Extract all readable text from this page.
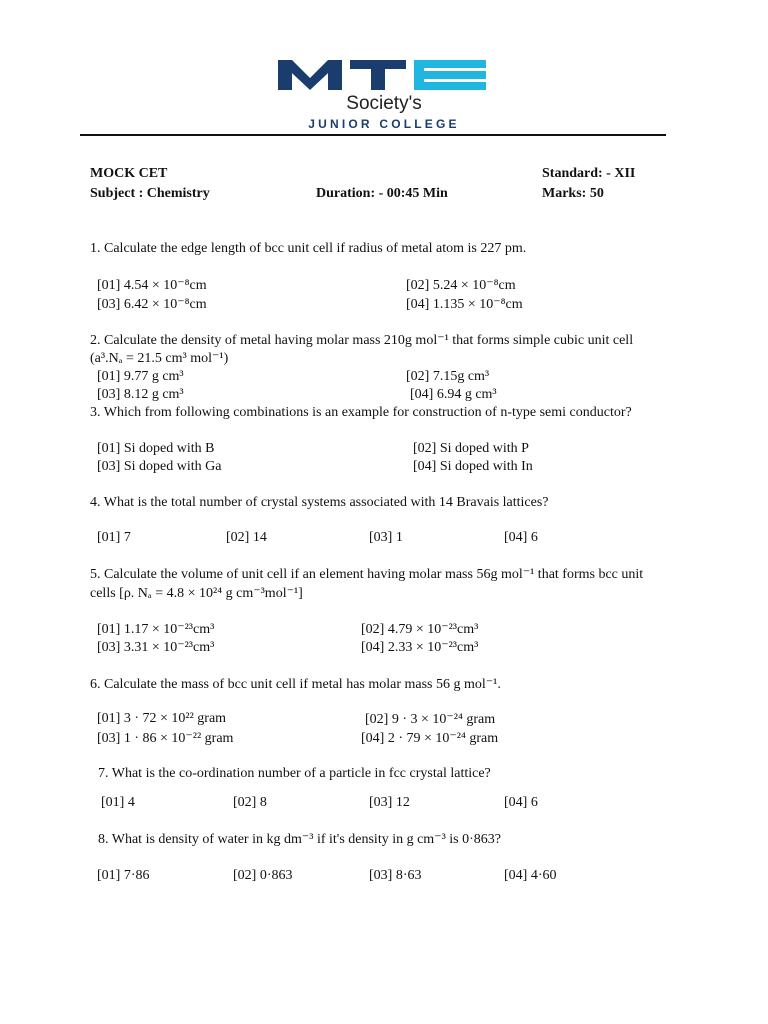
Society's
JUNIOR COLLEGE
MOCK CET	Standard: - XII
Subject : Chemistry	Duration: - 00:45 Min	Marks: 50
1. Calculate the edge length of bcc unit cell if radius of metal atom is 227 pm.
[01] 4.54 × 10⁻⁸cm	[02] 5.24 × 10⁻⁸cm
[03] 6.42 × 10⁻⁸cm	[04] 1.135 × 10⁻⁸cm
2. Calculate the density of metal having molar mass 210g mol⁻¹ that forms simple cubic unit cell
(a³.Nₐ = 21.5 cm³ mol⁻¹)
[01] 9.77 g cm³	[02] 7.15g cm³
[03] 8.12 g cm³	[04] 6.94 g cm³
3. Which from following combinations is an example for construction of n-type semi conductor?
[01] Si doped with B	[02] Si doped with P
[03] Si doped with Ga	[04] Si doped with In
4. What is the total number of crystal systems associated with 14 Bravais lattices?
[01] 7	[02] 14	[03] 1	[04] 6
5. Calculate the volume of unit cell if an element having molar mass 56g mol⁻¹ that forms bcc unit
cells [ρ. Nₐ = 4.8 × 10²⁴ g cm⁻³mol⁻¹]
[01] 1.17 × 10⁻²³cm³	[02] 4.79 × 10⁻²³cm³
[03] 3.31 × 10⁻²³cm³	[04] 2.33 × 10⁻²³cm³
6. Calculate the mass of bcc unit cell if metal has molar mass 56 g mol⁻¹.
[01] 3 · 72 × 10²² gram	[02] 9 · 3 × 10⁻²⁴ gram
[03] 1 · 86 × 10⁻²² gram	[04] 2 · 79 × 10⁻²⁴ gram
7. What is the co-ordination number of a particle in fcc crystal lattice?
[01] 4	[02] 8	[03] 12	[04] 6
8. What is density of water in kg dm⁻³ if it's density in g cm⁻³ is 0·863?
[01] 7·86	[02] 0·863	[03] 8·63	[04] 4·60
